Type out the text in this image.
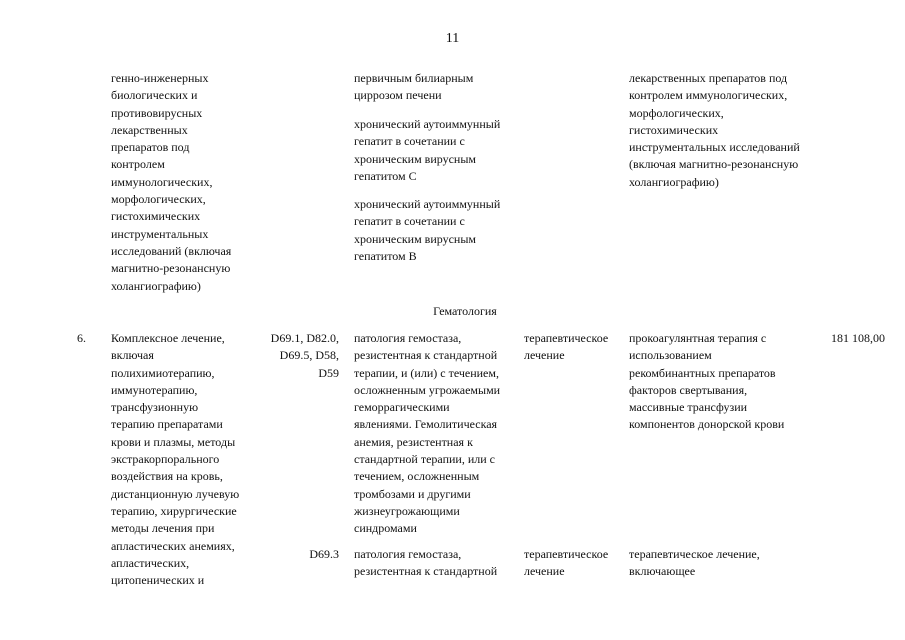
11
генно-инженерных
биологических и
противовирусных
лекарственных
препаратов под
контролем
иммунологических,
морфологических,
гистохимических
инструментальных
исследований (включая
магнитно-резонансную
холангиографию)
первичным билиарным
циррозом печени
хронический аутоиммунный
гепатит в сочетании с
хроническим вирусным
гепатитом С
хронический аутоиммунный
гепатит в сочетании с
хроническим вирусным
гепатитом В
лекарственных препаратов под
контролем иммунологических,
морфологических,
гистохимических
инструментальных исследований
(включая магнитно-резонансную
холангиографию)
Гематология
6.	Комплексное лечение,
включая
полихимиотерапию,
иммунотерапию,
трансфузионную
терапию препаратами
крови и плазмы, методы
экстракорпорального
воздействия на кровь,
дистанционную лучевую
терапию, хирургические
методы лечения при
апластических анемиях,
апластических,
цитопенических и
D69.1, D82.0,
D69.5, D58,
D59
патология гемостаза,
резистентная к стандартной
терапии, и (или) с течением,
осложненным угрожаемыми
геморрагическими
явлениями. Гемолитическая
анемия, резистентная к
стандартной терапии, или с
течением, осложненным
тромбозами и другими
жизнеугрожающими
синдромами
терапевтическое
лечение
прокоагулянтная терапия с
использованием
рекомбинантных препаратов
факторов свертывания,
массивные трансфузии
компонентов донорской крови
181 108,00
D69.3 патология гемостаза,
резистентная к стандартной
терапевтическое
лечение
терапевтическое лечение,
включающее
